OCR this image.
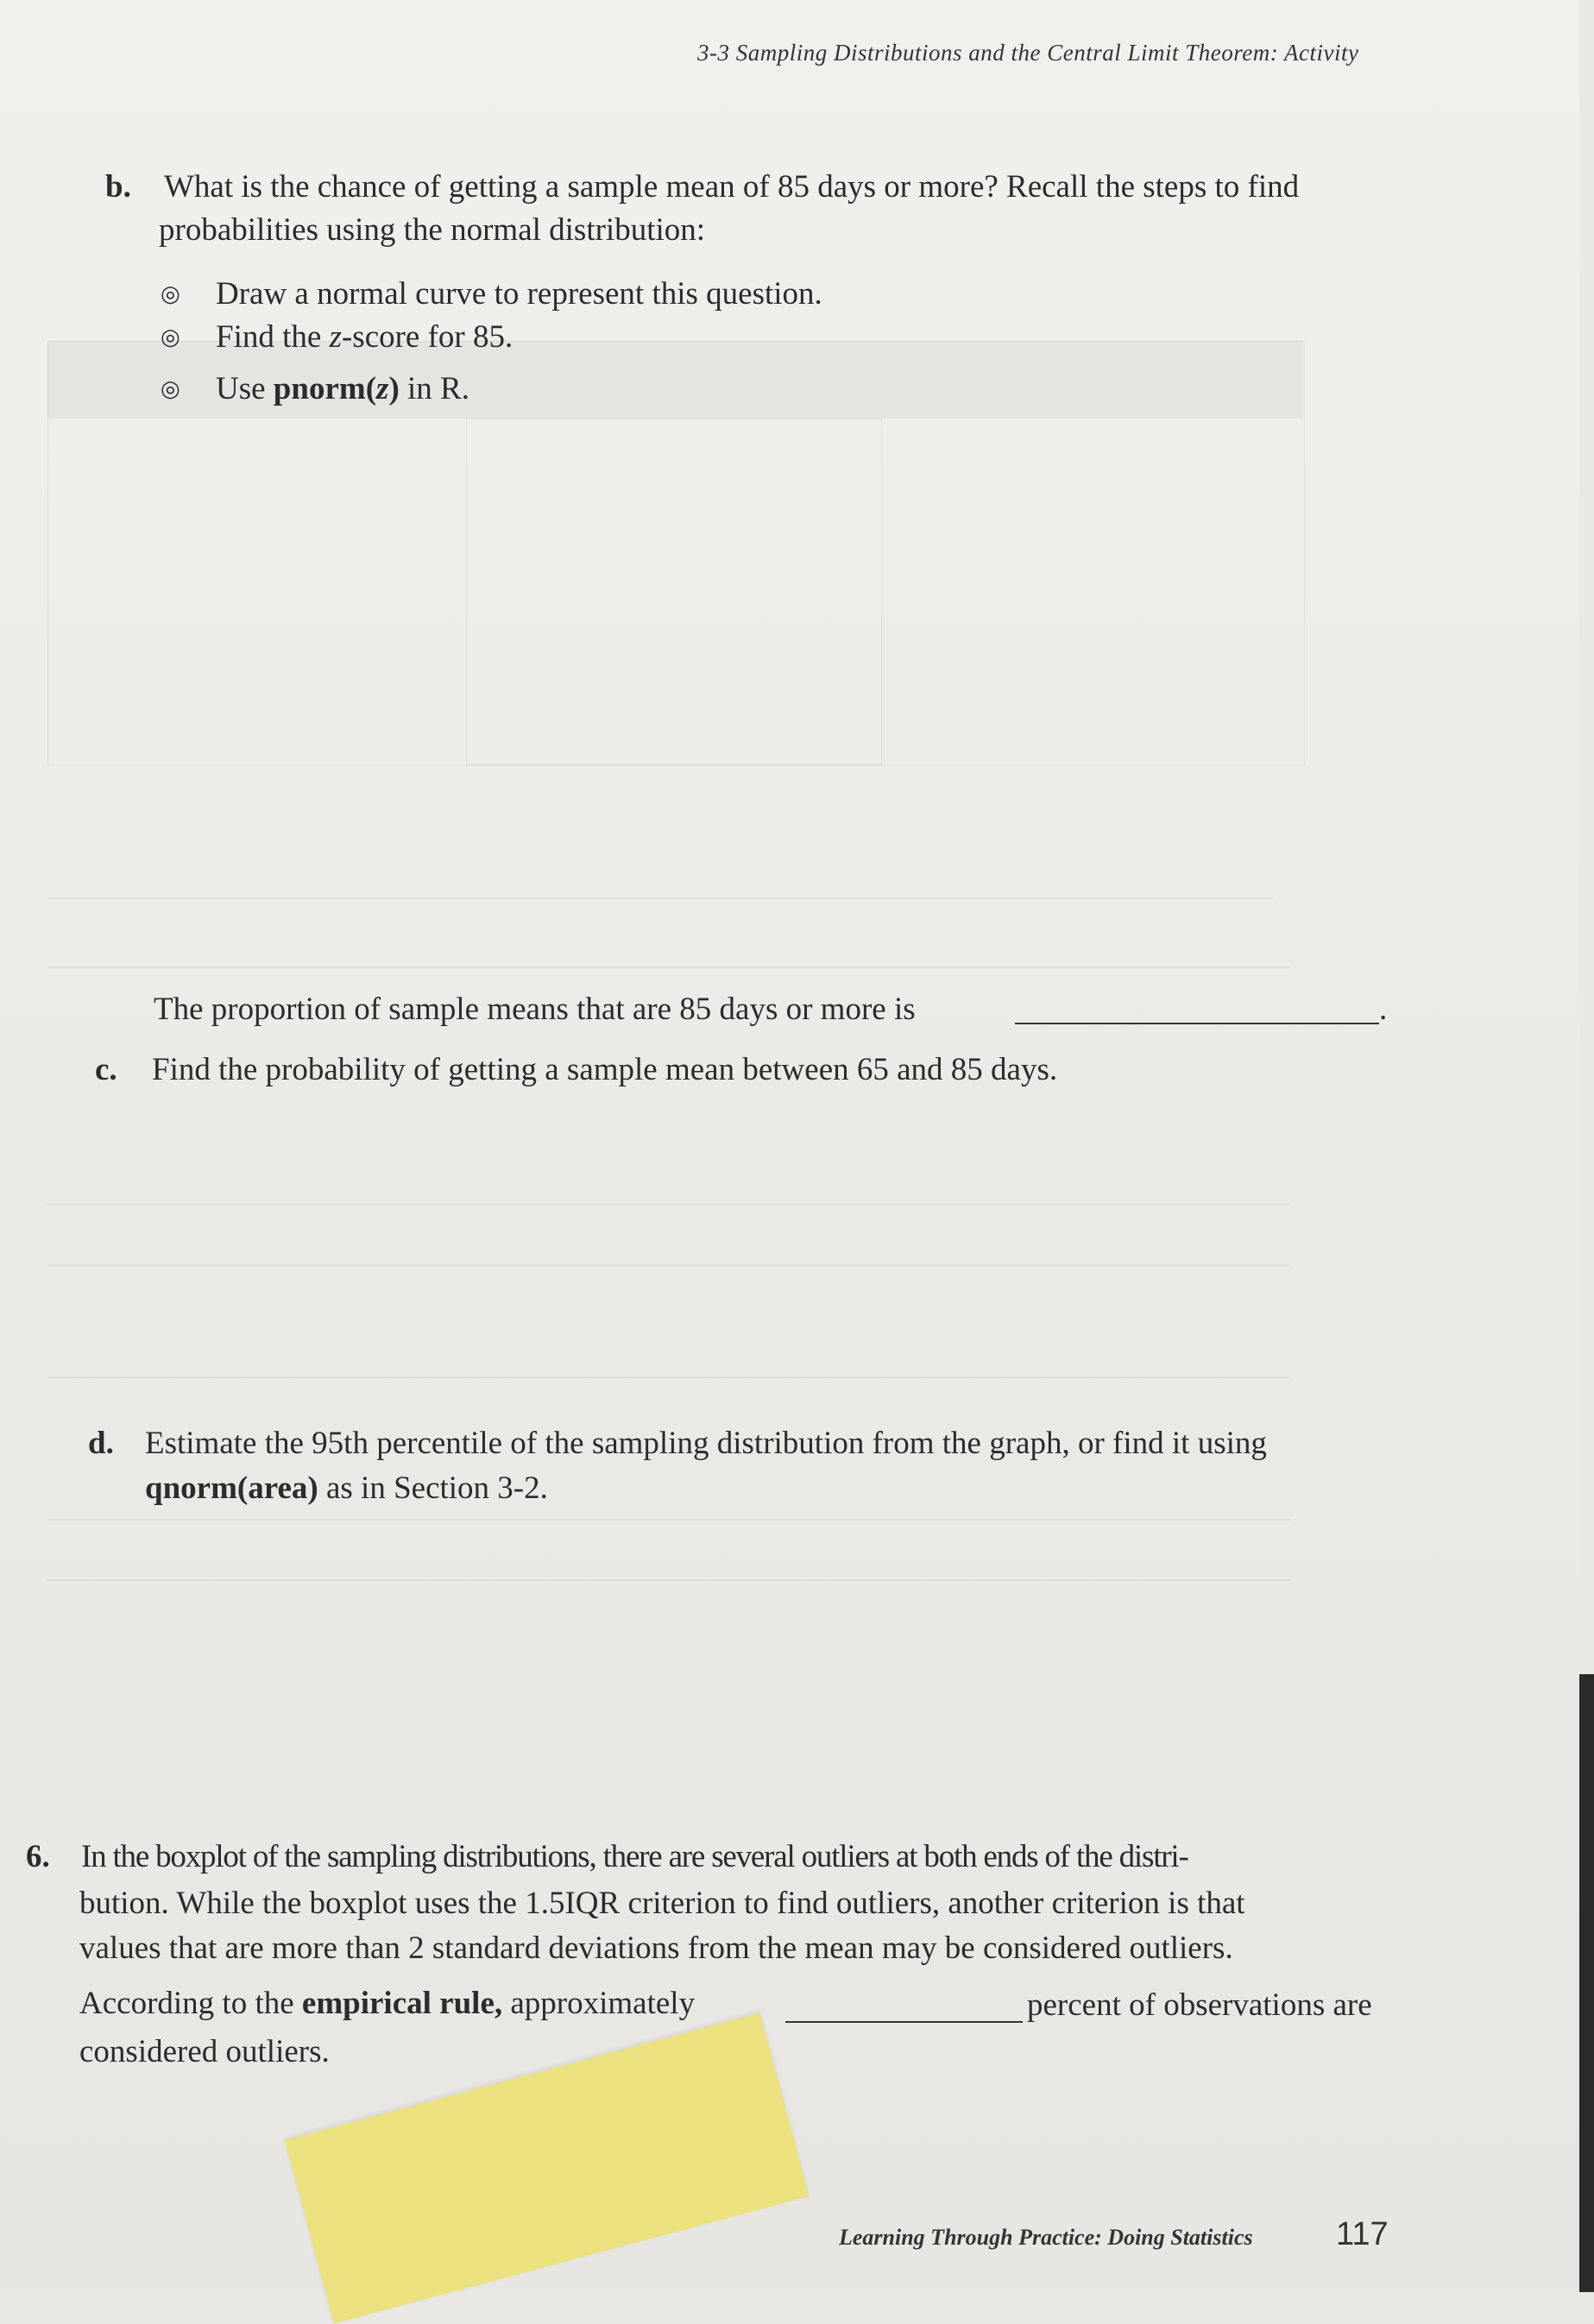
3-3 Sampling Distributions and the Central Limit Theorem: Activity
b. What is the chance of getting a sample mean of 85 days or more? Recall the steps to find
probabilities using the normal distribution:
◎ Draw a normal curve to represent this question.
◎ Find the z-score for 85.
◎ Use pnorm(z) in R.
The proportion of sample means that are 85 days or more is	.
c. Find the probability of getting a sample mean between 65 and 85 days.
d. Estimate the 95th percentile of the sampling distribution from the graph, or find it using
qnorm(area) as in Section 3-2.
6. In the boxplot of the sampling distributions, there are several outliers at both ends of the distri-
bution. While the boxplot uses the 1.5IQR criterion to find outliers, another criterion is that
values that are more than 2 standard deviations from the mean may be considered outliers.
According to the empirical rule, approximately	percent of observations are
considered outliers.
Learning Through Practice: Doing Statistics	117
